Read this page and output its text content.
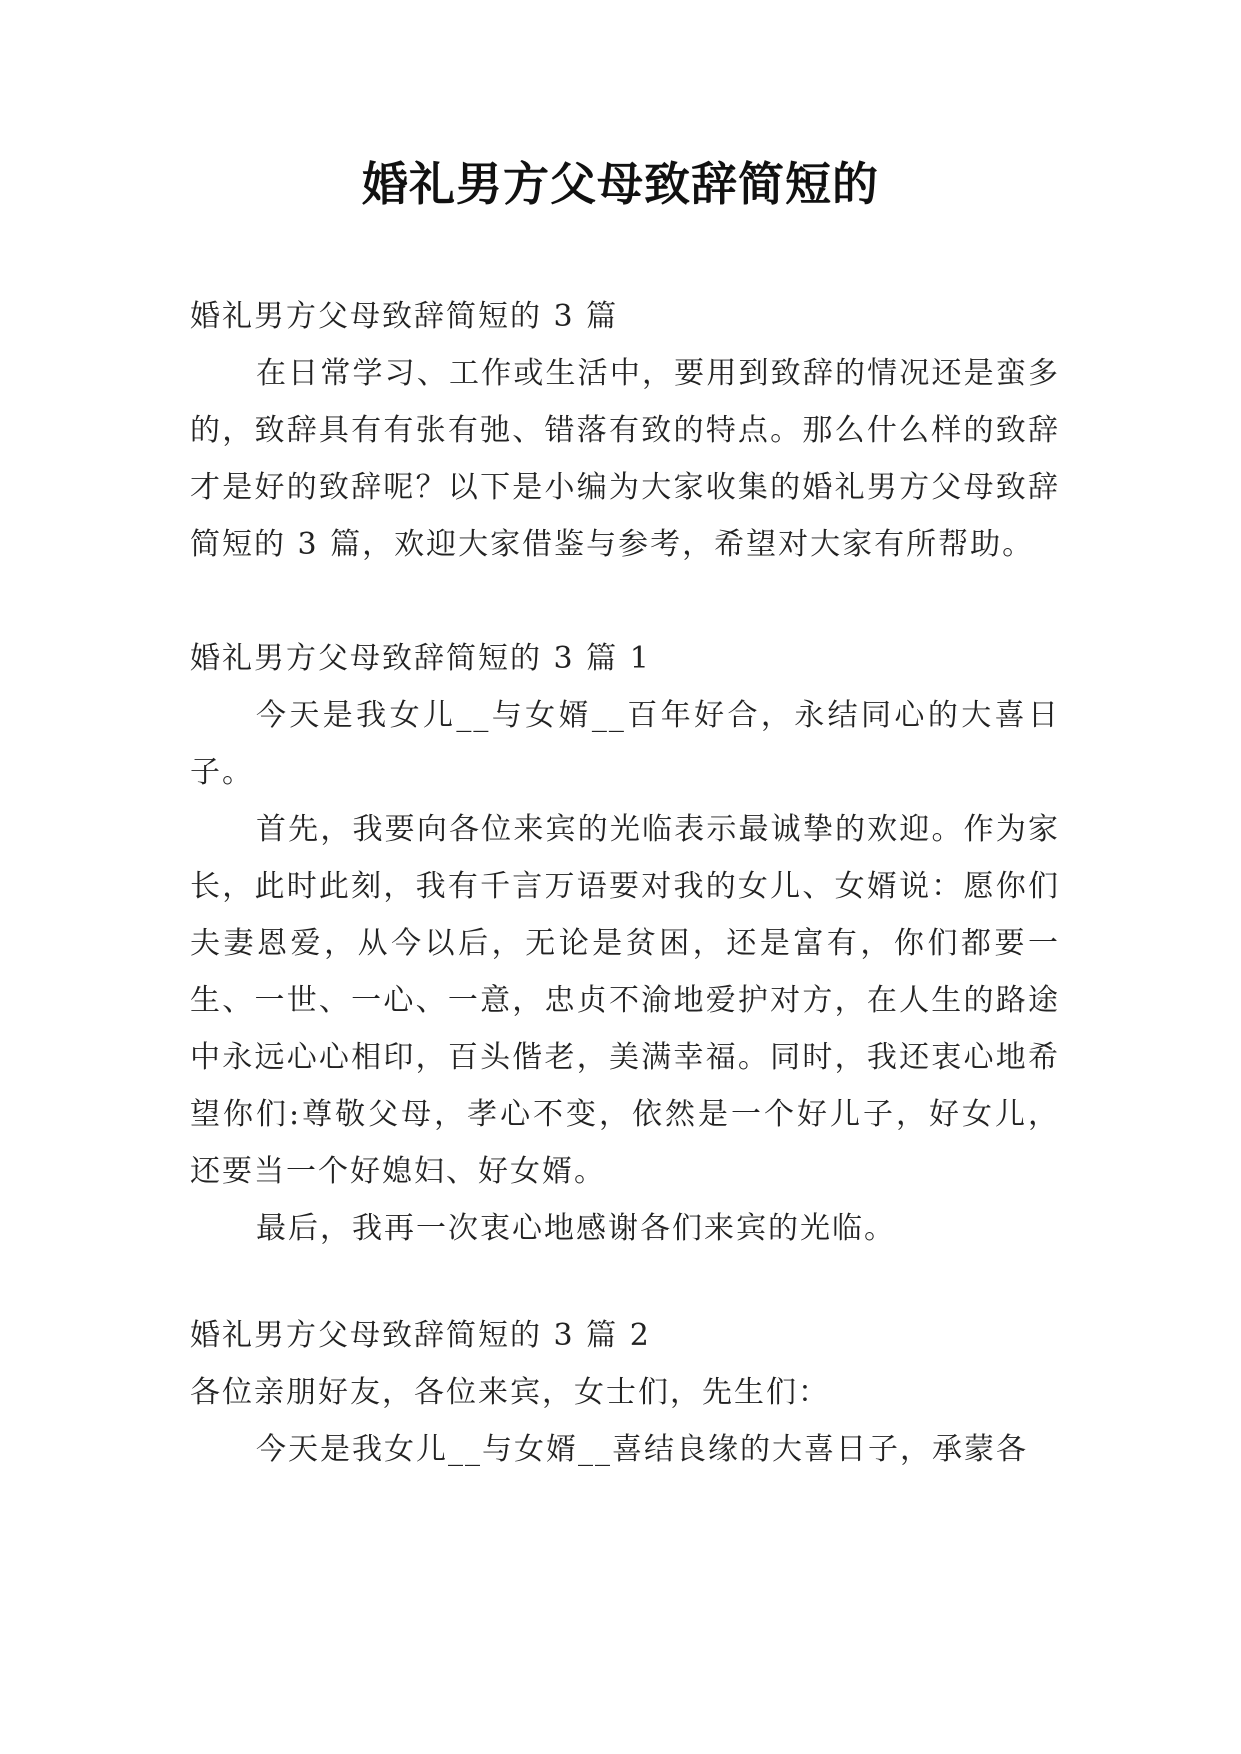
婚礼男方父母致辞简短的

婚礼男方父母致辞简短的 3 篇

在日常学习、工作或生活中，要用到致辞的情况还是蛮多的，致辞具有有张有弛、错落有致的特点。那么什么样的致辞才是好的致辞呢？以下是小编为大家收集的婚礼男方父母致辞简短的 3 篇，欢迎大家借鉴与参考，希望对大家有所帮助。

婚礼男方父母致辞简短的 3 篇 1

今天是我女儿__与女婿__百年好合，永结同心的大喜日子。

首先，我要向各位来宾的光临表示最诚挚的欢迎。作为家长，此时此刻，我有千言万语要对我的女儿、女婿说：愿你们夫妻恩爱，从今以后，无论是贫困，还是富有，你们都要一生、一世、一心、一意，忠贞不渝地爱护对方，在人生的路途中永远心心相印，百头偕老，美满幸福。同时，我还衷心地希望你们:尊敬父母，孝心不变，依然是一个好儿子，好女儿，还要当一个好媳妇、好女婿。

最后，我再一次衷心地感谢各们来宾的光临。

婚礼男方父母致辞简短的 3 篇 2

各位亲朋好友，各位来宾，女士们，先生们：

今天是我女儿__与女婿__喜结良缘的大喜日子，承蒙各
